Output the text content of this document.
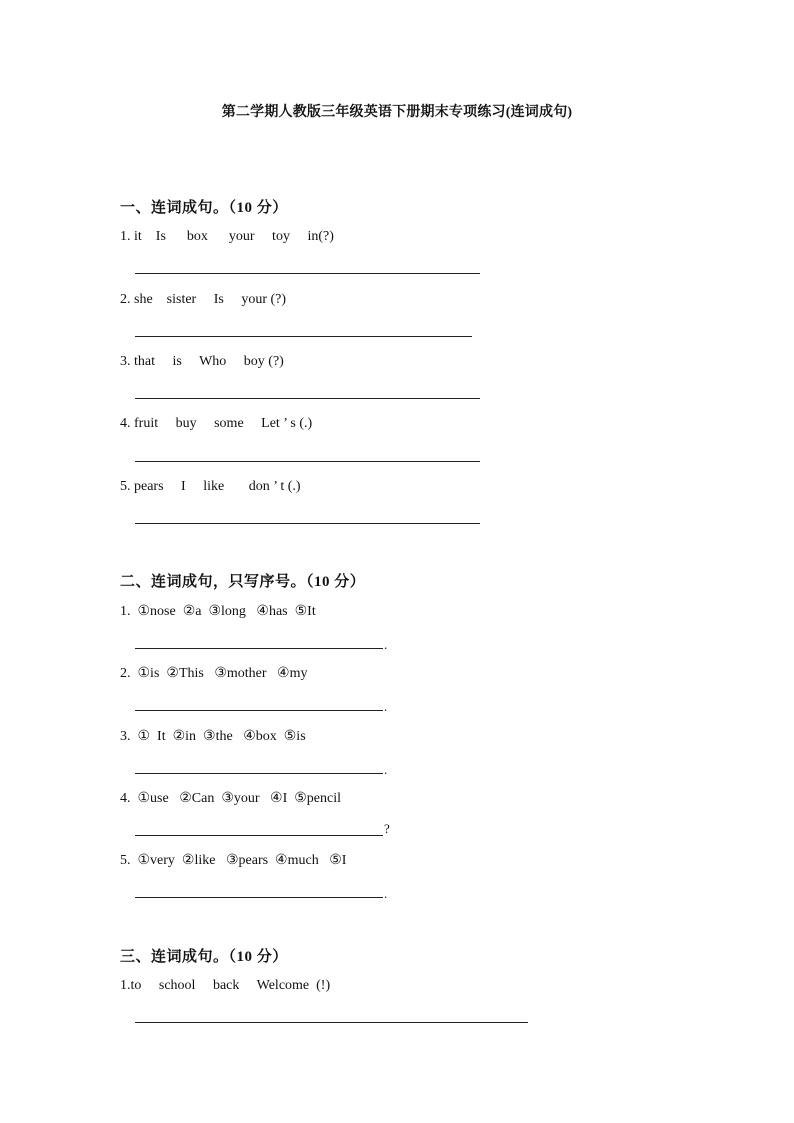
第二学期人教版三年级英语下册期末专项练习(连词成句)
一、连词成句。（10 分）
1. it    Is      box      your     toy     in(?)
2. she    sister     Is     your (?)
3. that     is     Who     boy (?)
4. fruit     buy     some     Let ’ s (.)
5. pears     I     like       don ’ t (.)
二、连词成句，只写序号。（10 分）
1.  ①nose  ②a  ③long   ④has  ⑤It
.
2.  ①is  ②This   ③mother   ④my
.
3.  ①  It  ②in  ③the   ④box  ⑤is
.
4.  ①use   ②Can  ③your   ④I  ⑤pencil
?
5.  ①very  ②like   ③pears  ④much   ⑤I
.
三、连词成句。（10 分）
1.to     school     back     Welcome  (!)
